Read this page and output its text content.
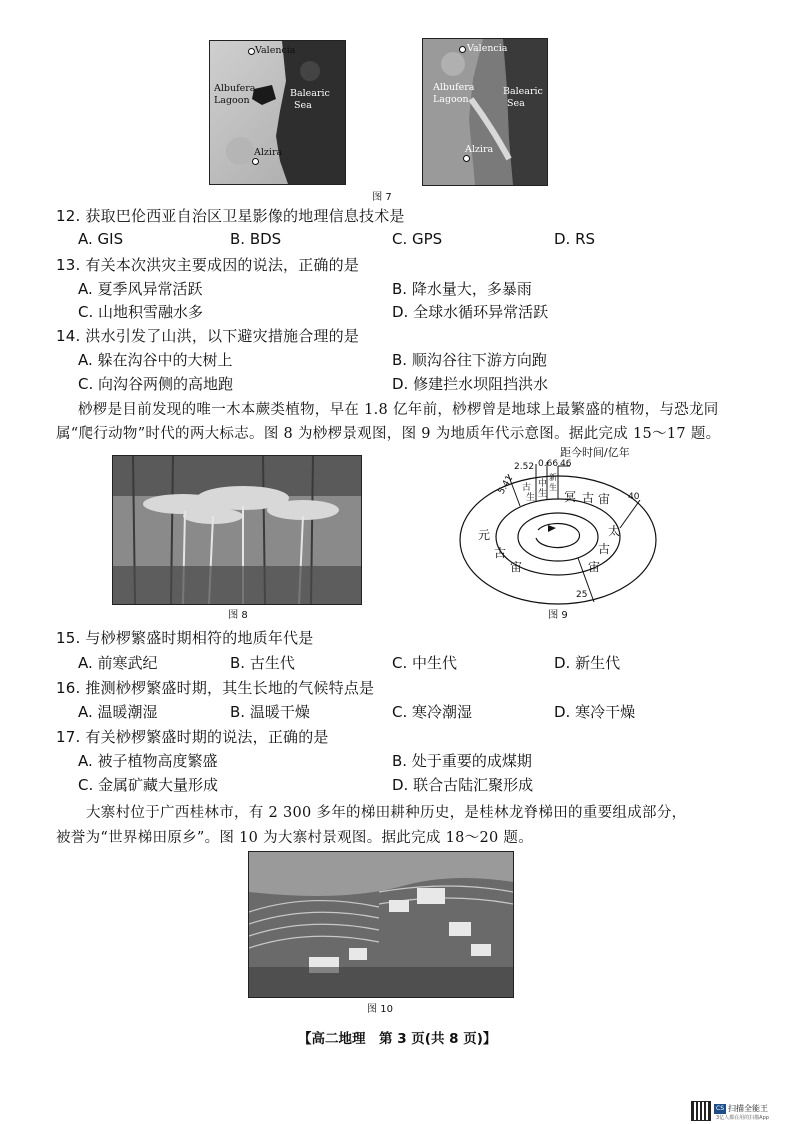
Valencia
Albufera
Lagoon
Balearic
Sea
Alzira
Valencia
Albufera
Lagoon
Balearic
Sea
Alzira
图 7
12. 获取巴伦西亚自治区卫星影像的地理信息技术是
A. GIS	B. BDS	C. GPS	D. RS
13. 有关本次洪灾主要成因的说法，正确的是
A. 夏季风异常活跃	B. 降水量大，多暴雨
C. 山地积雪融水多	D. 全球水循环异常活跃
14. 洪水引发了山洪，以下避灾措施合理的是
A. 躲在沟谷中的大树上	B. 顺沟谷往下游方向跑
C. 向沟谷两侧的高地跑	D. 修建拦水坝阻挡洪水
桫椤是目前发现的唯一木本蕨类植物，早在 1.8 亿年前，桫椤曾是地球上最繁盛的植物，与恐龙同
属“爬行动物”时代的两大标志。图 8 为桫椤景观图，图 9 为地质年代示意图。据此完成 15～17 题。
图 8
距今时间/亿年
5.41
2.52 0.66 46
40
25
冥 古 宙
太
古
宙
元
古
宙
古
生
中
生
新
生
图 9
15. 与桫椤繁盛时期相符的地质年代是
A. 前寒武纪	B. 古生代	C. 中生代	D. 新生代
16. 推测桫椤繁盛时期，其生长地的气候特点是
A. 温暖潮湿	B. 温暖干燥	C. 寒冷潮湿	D. 寒冷干燥
17. 有关桫椤繁盛时期的说法，正确的是
A. 被子植物高度繁盛	B. 处于重要的成煤期
C. 金属矿藏大量形成	D. 联合古陆汇聚形成
大寨村位于广西桂林市，有 2 300 多年的梯田耕种历史，是桂林龙脊梯田的重要组成部分，
被誉为“世界梯田原乡”。图 10 为大寨村景观图。据此完成 18～20 题。
图 10
【高二地理　第 3 页(共 8 页)】
CS 扫描全能王
3亿人都在用的扫描App
